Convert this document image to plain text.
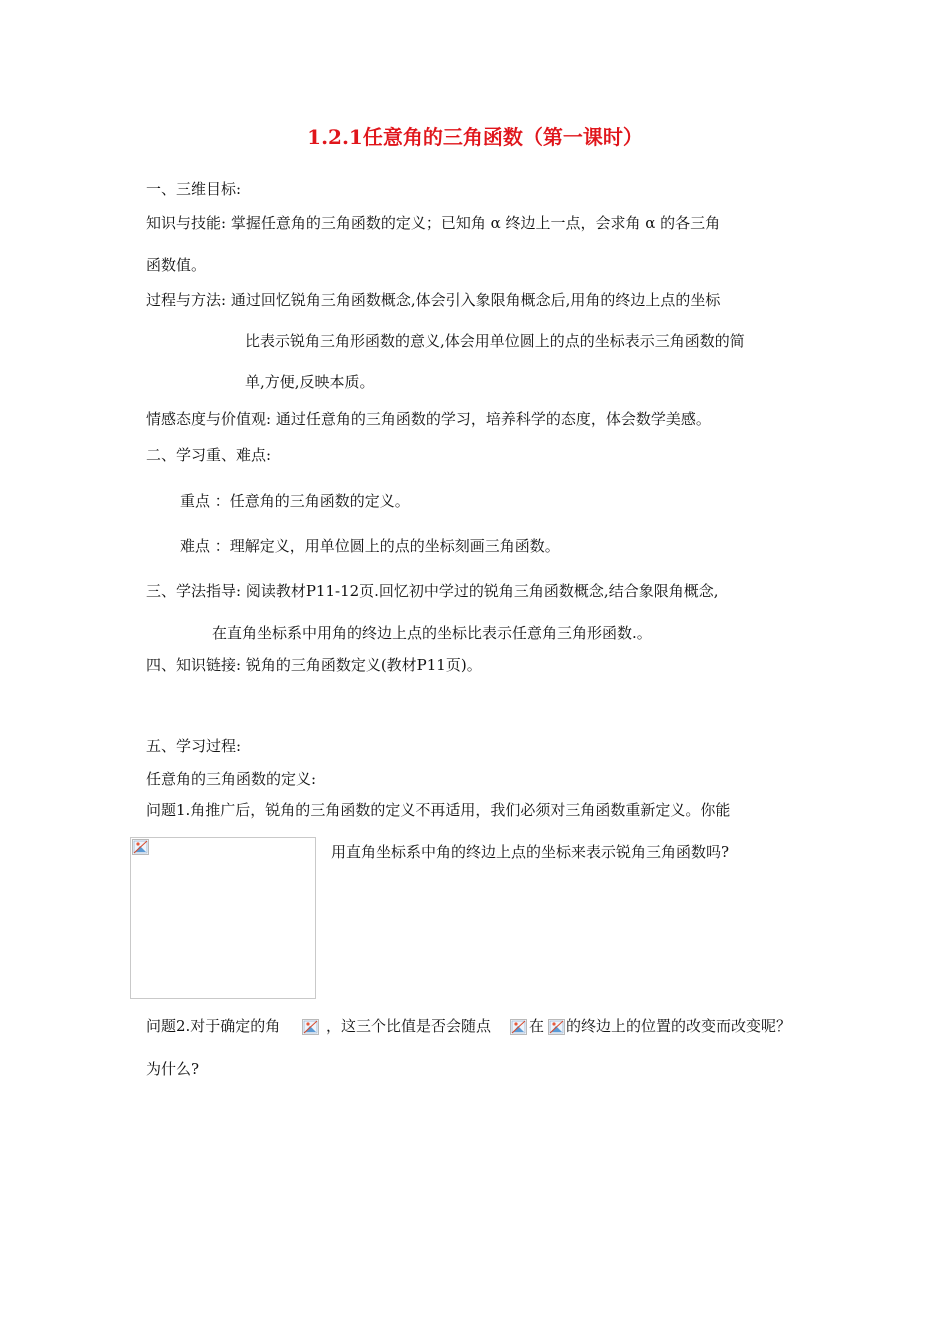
1.2.1任意角的三角函数（第一课时）
一、三维目标:
知识与技能: 掌握任意角的三角函数的定义；已知角 α 终边上一点，会求角 α 的各三角
函数值。
过程与方法: 通过回忆锐角三角函数概念,体会引入象限角概念后,用角的终边上点的坐标
比表示锐角三角形函数的意义,体会用单位圆上的点的坐标表示三角函数的简
单,方便,反映本质。
情感态度与价值观: 通过任意角的三角函数的学习，培养科学的态度，体会数学美感。
二、学习重、难点:
重点 ：任意角的三角函数的定义。
难点 ：理解定义，用单位圆上的点的坐标刻画三角函数。
三、学法指导: 阅读教材P11-12页.回忆初中学过的锐角三角函数概念,结合象限角概念,
在直角坐标系中用角的终边上点的坐标比表示任意角三角形函数.。
四、知识链接: 锐角的三角函数定义(教材P11页)。
五、学习过程:
任意角的三角函数的定义:
问题1.角推广后，锐角的三角函数的定义不再适用，我们必须对三角函数重新定义。你能
用直角坐标系中角的终边上点的坐标来表示锐角三角函数吗?
问题2.对于确定的角	，这三个比值是否会随点	在 的终边上的位置的改变而改变呢？
为什么?
